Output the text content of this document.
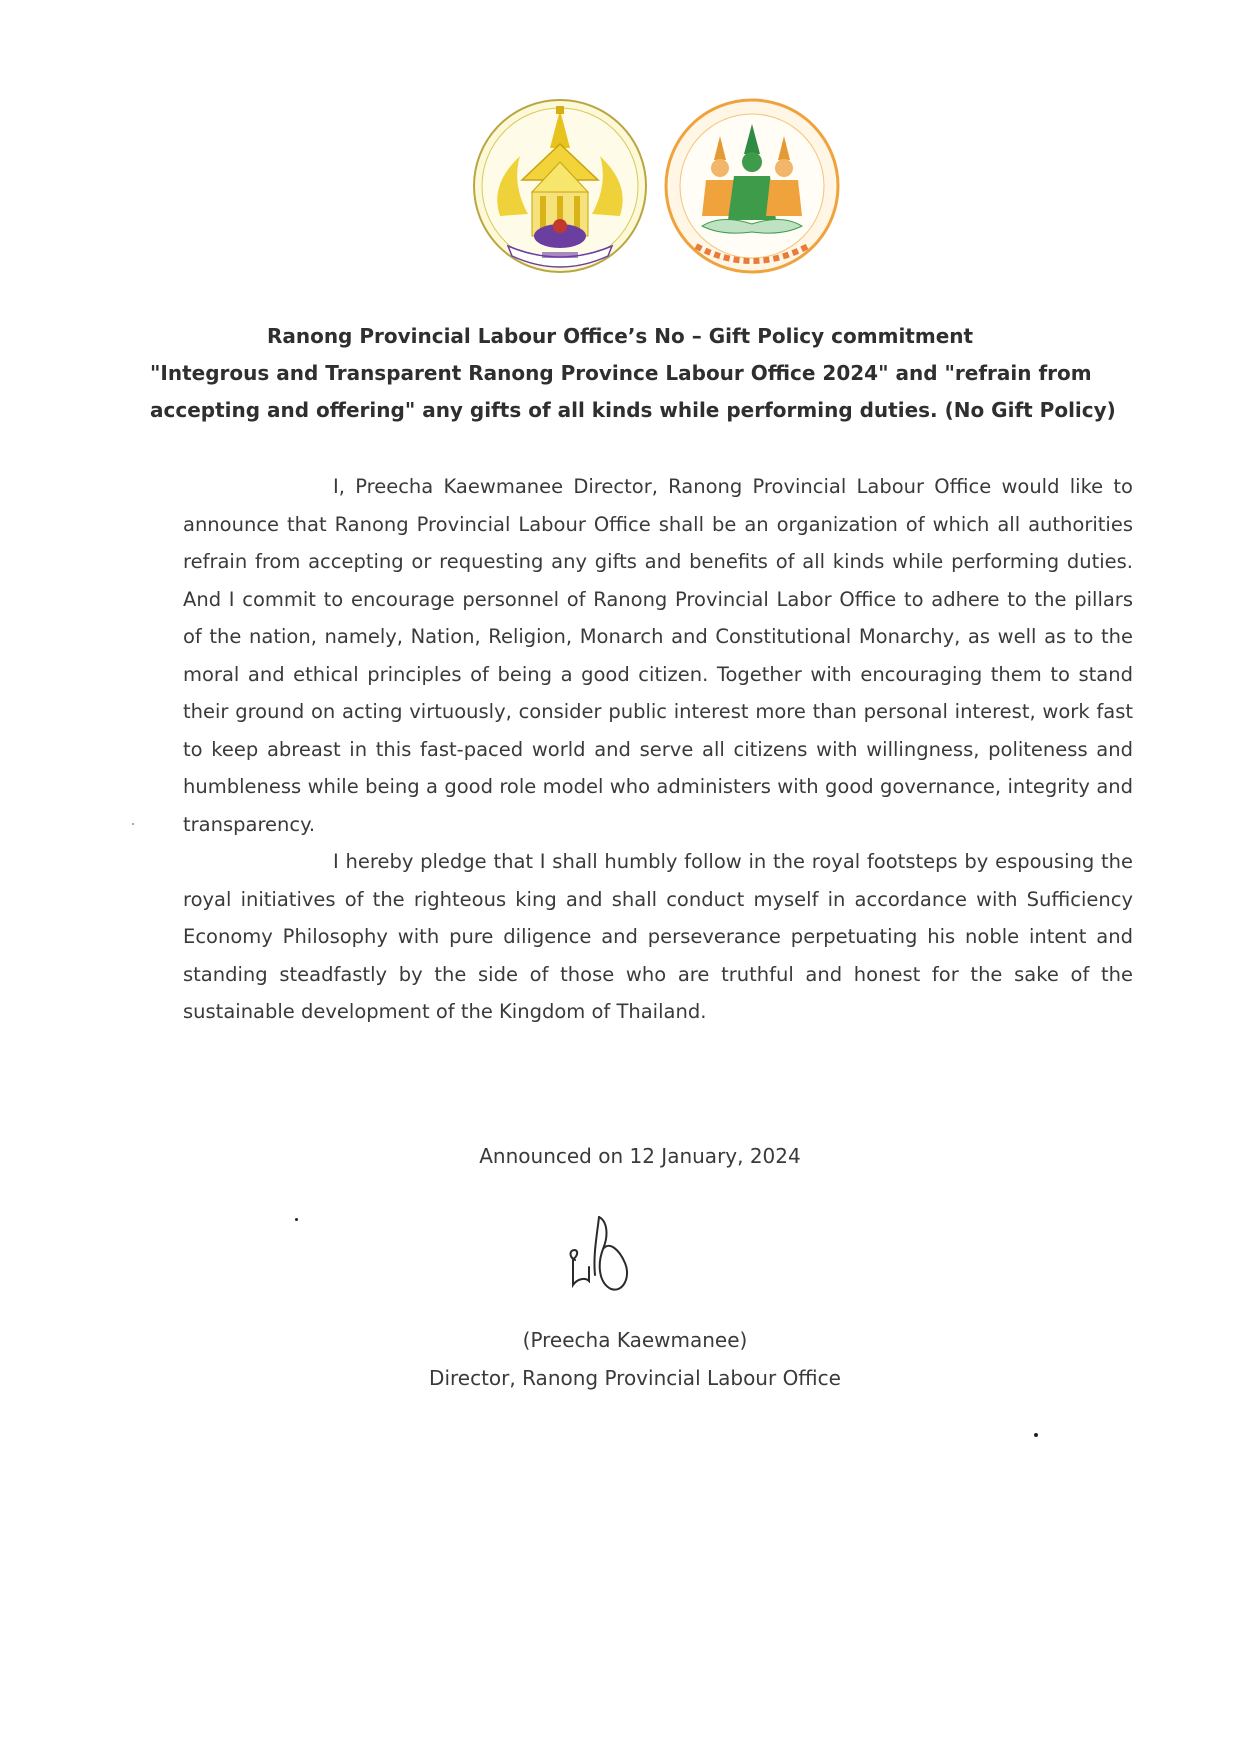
Ranong Provincial Labour Office’s No – Gift Policy commitment
"Integrous and Transparent Ranong Province Labour Office 2024" and "refrain from
accepting and offering" any gifts of all kinds while performing duties. (No Gift Policy)

I, Preecha Kaewmanee Director, Ranong Provincial Labour Office would like to announce that Ranong Provincial Labour Office shall be an organization of which all authorities refrain from accepting or requesting any gifts and benefits of all kinds while performing duties. And I commit to encourage personnel of Ranong Provincial Labor Office to adhere to the pillars of the nation, namely, Nation, Religion, Monarch and Constitutional Monarchy, as well as to the moral and ethical principles of being a good citizen. Together with encouraging them to stand their ground on acting virtuously, consider public interest more than personal interest, work fast to keep abreast in this fast-paced world and serve all citizens with willingness, politeness and humbleness while being a good role model who administers with good governance, integrity and transparency.

I hereby pledge that I shall humbly follow in the royal footsteps by espousing the royal initiatives of the righteous king and shall conduct myself in accordance with Sufficiency Economy Philosophy with pure diligence and perseverance perpetuating his noble intent and standing steadfastly by the side of those who are truthful and honest for the sake of the sustainable development of the Kingdom of Thailand.

Announced on 12 January, 2024
(Preecha Kaewmanee)
Director, Ranong Provincial Labour Office
